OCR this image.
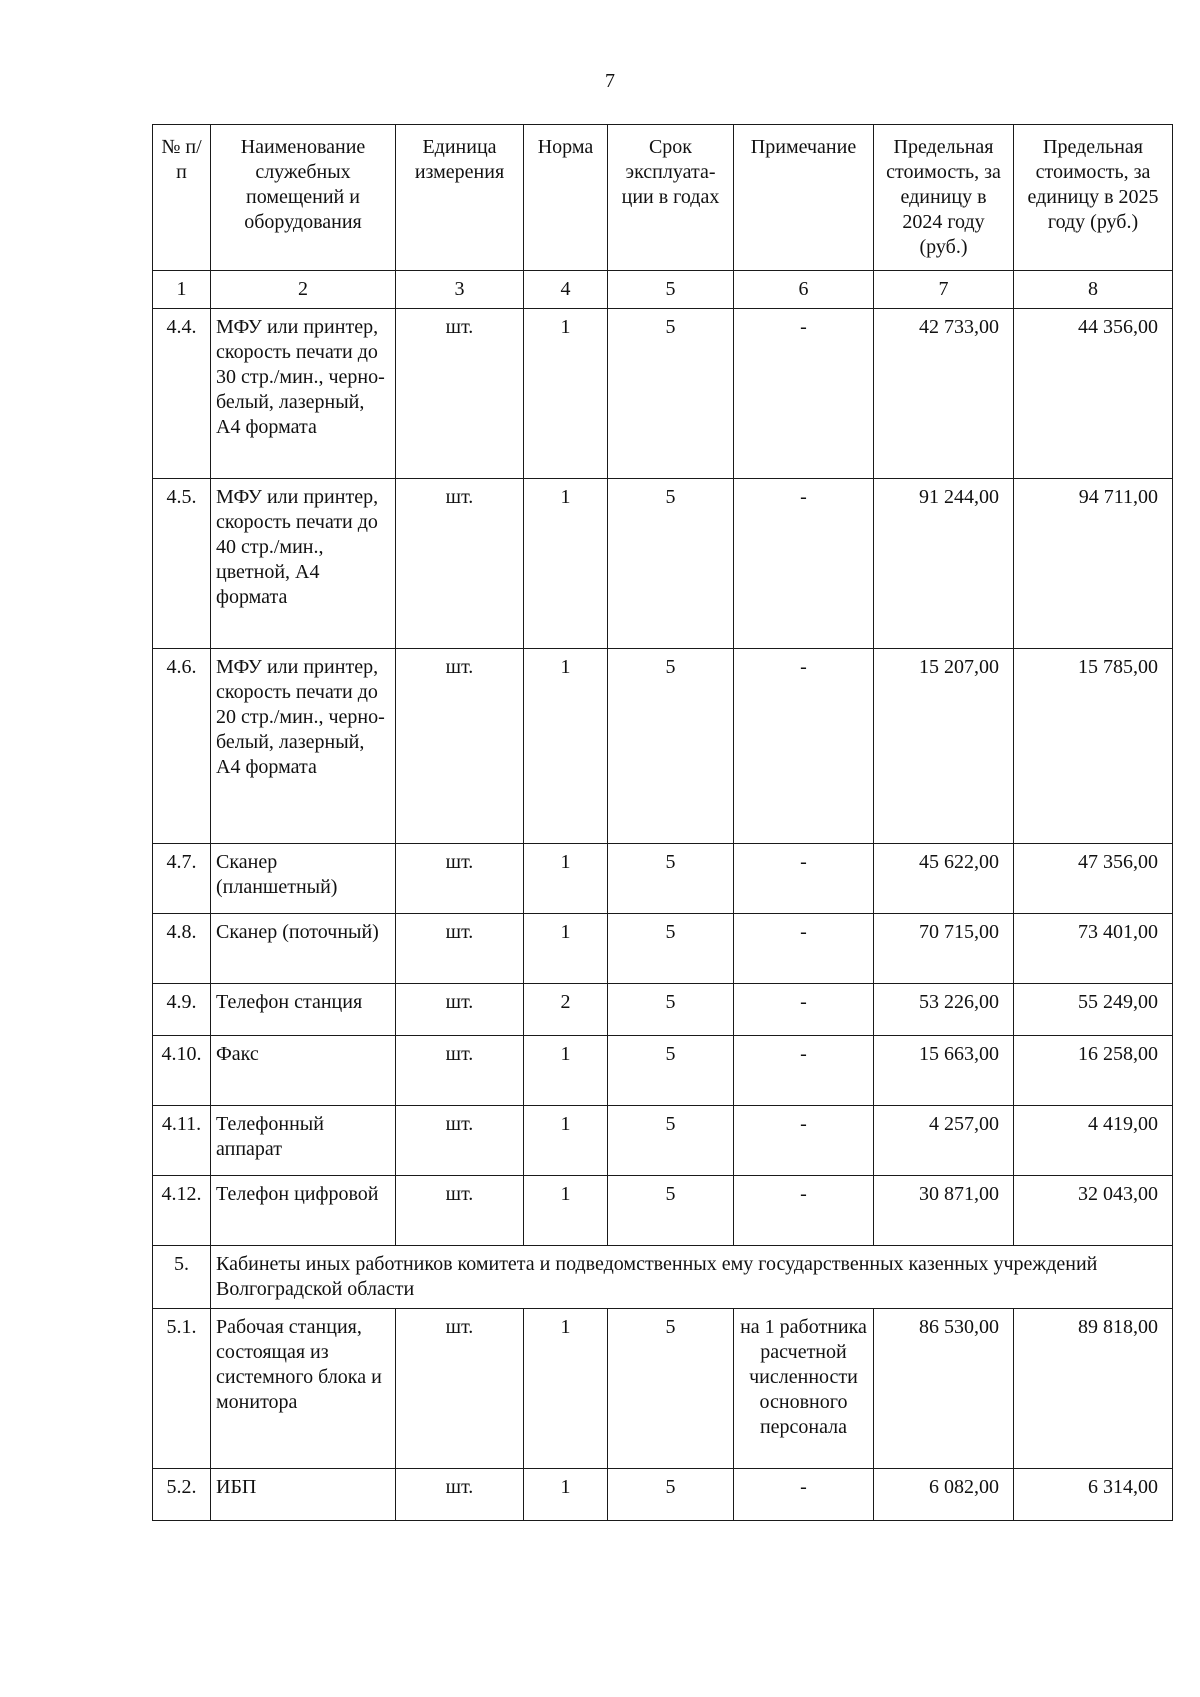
7
№ п/п	Наименование служебных помещений и оборудования	Единица измерения	Норма	Срок эксплуата-ции в годах	Примечание	Предельная стоимость, за единицу в 2024 году (руб.)	Предельная стоимость, за единицу в 2025 году (руб.)
1	2	3	4	5	6	7	8
4.4.	МФУ или принтер, скорость печати до 30 стр./мин., черно-белый, лазерный, А4 формата	шт.	1	5	-	42 733,00	44 356,00
4.5.	МФУ или принтер, скорость печати до 40 стр./мин., цветной, А4 формата	шт.	1	5	-	91 244,00	94 711,00
4.6.	МФУ или принтер, скорость печати до 20 стр./мин., черно-белый, лазерный, А4 формата	шт.	1	5	-	15 207,00	15 785,00
4.7.	Сканер (планшетный)	шт.	1	5	-	45 622,00	47 356,00
4.8.	Сканер (поточный)	шт.	1	5	-	70 715,00	73 401,00
4.9.	Телефон станция	шт.	2	5	-	53 226,00	55 249,00
4.10.	Факс	шт.	1	5	-	15 663,00	16 258,00
4.11.	Телефонный аппарат	шт.	1	5	-	4 257,00	4 419,00
4.12.	Телефон цифровой	шт.	1	5	-	30 871,00	32 043,00
5.	Кабинеты иных работников комитета и подведомственных ему государственных казенных учреждений Волгоградской области						
5.1.	Рабочая станция, состоящая из системного блока и монитора	шт.	1	5	на 1 работника расчетной численности основного персонала	86 530,00	89 818,00
5.2.	ИБП	шт.	1	5	-	6 082,00	6 314,00
